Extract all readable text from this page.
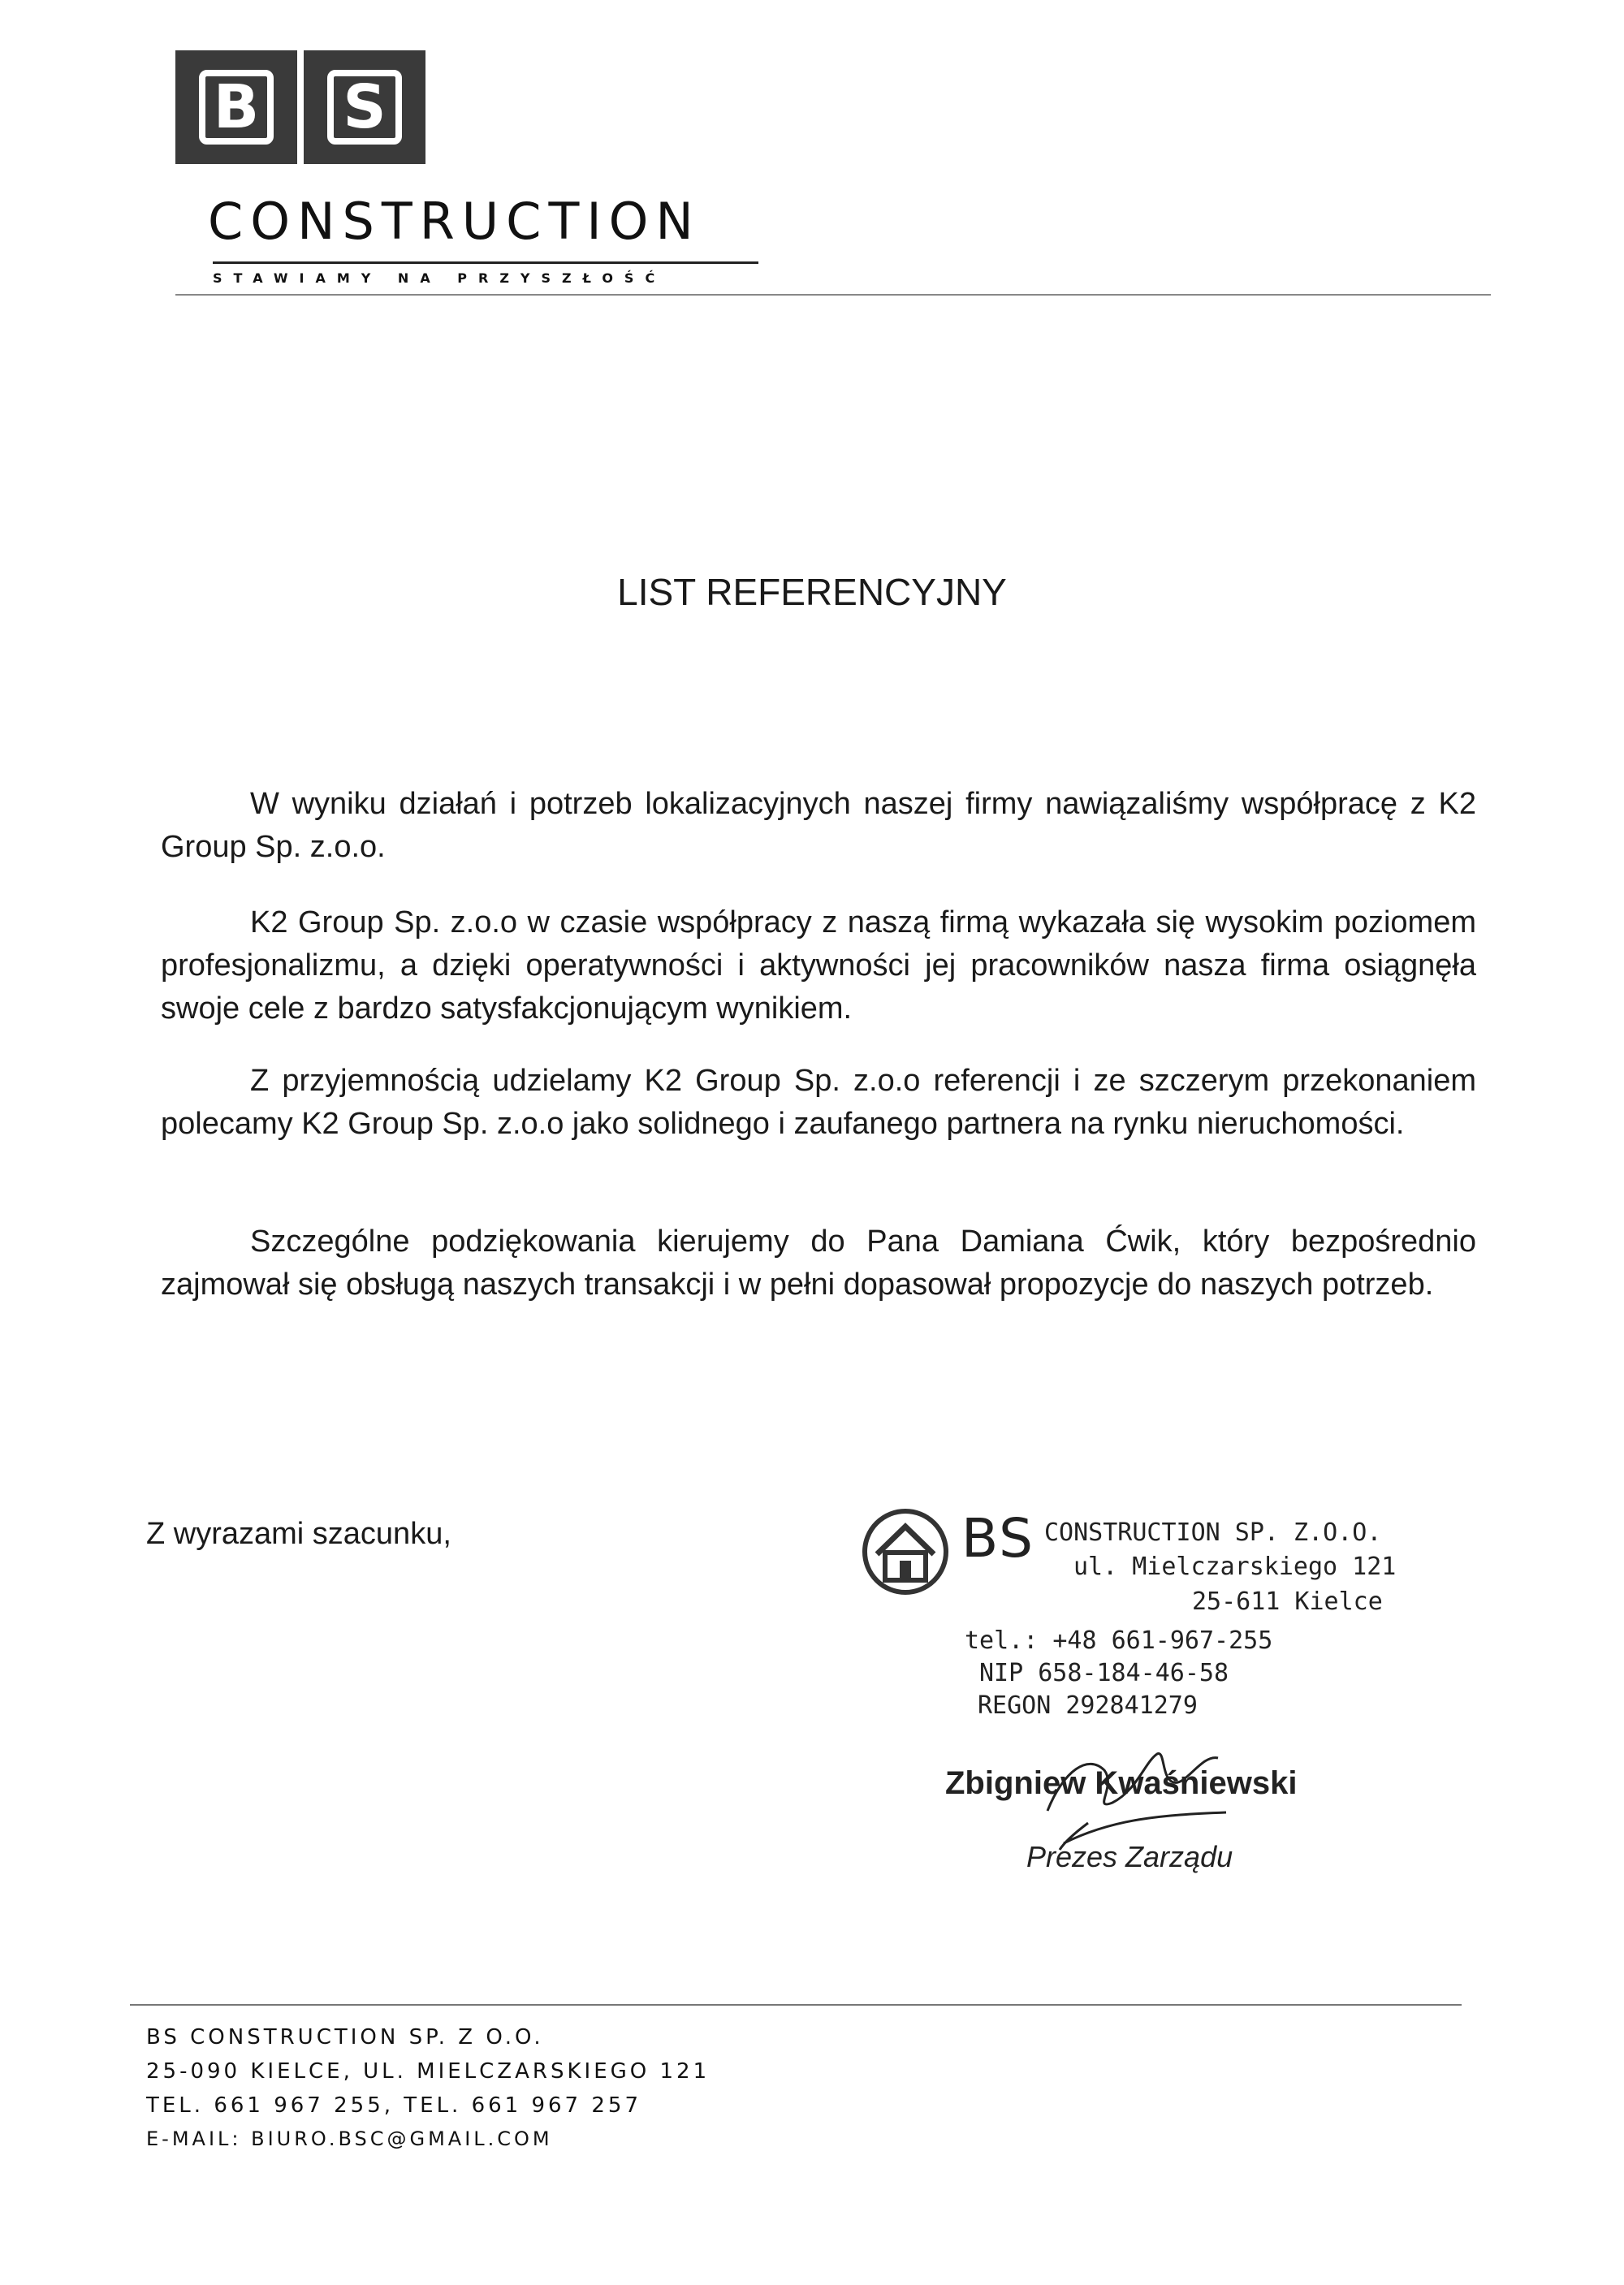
B S
CONSTRUCTION
STAWIAMY NA PRZYSZŁOŚĆ
LIST REFERENCYJNY
W wyniku działań i potrzeb lokalizacyjnych naszej firmy nawiązaliśmy współpracę z K2 Group Sp. z.o.o.
K2 Group Sp. z.o.o w czasie współpracy z naszą firmą wykazała się wysokim poziomem profesjonalizmu, a dzięki operatywności i aktywności jej pracowników nasza firma osiągnęła swoje cele z bardzo satysfakcjonującym wynikiem.
Z przyjemnością udzielamy K2 Group Sp. z.o.o referencji i ze szczerym przekonaniem polecamy K2 Group Sp. z.o.o jako solidnego i zaufanego partnera na rynku nieruchomości.
Szczególne podziękowania kierujemy do Pana Damiana Ćwik, który bezpośrednio zajmował się obsługą naszych transakcji i w pełni dopasował propozycje do naszych potrzeb.
Z wyrazami szacunku,	BS CONSTRUCTION SP. Z.O.O.
ul. Mielczarskiego 121
25-611 Kielce
tel.: +48 661-967-255
NIP 658-184-46-58
REGON 292841279
Zbigniew Kwaśniewski
Prezes Zarządu
BS CONSTRUCTION SP. Z O.O.
25-090 KIELCE, UL. MIELCZARSKIEGO 121
TEL. 661 967 255, TEL. 661 967 257
E-MAIL: BIURO.BSC@GMAIL.COM
